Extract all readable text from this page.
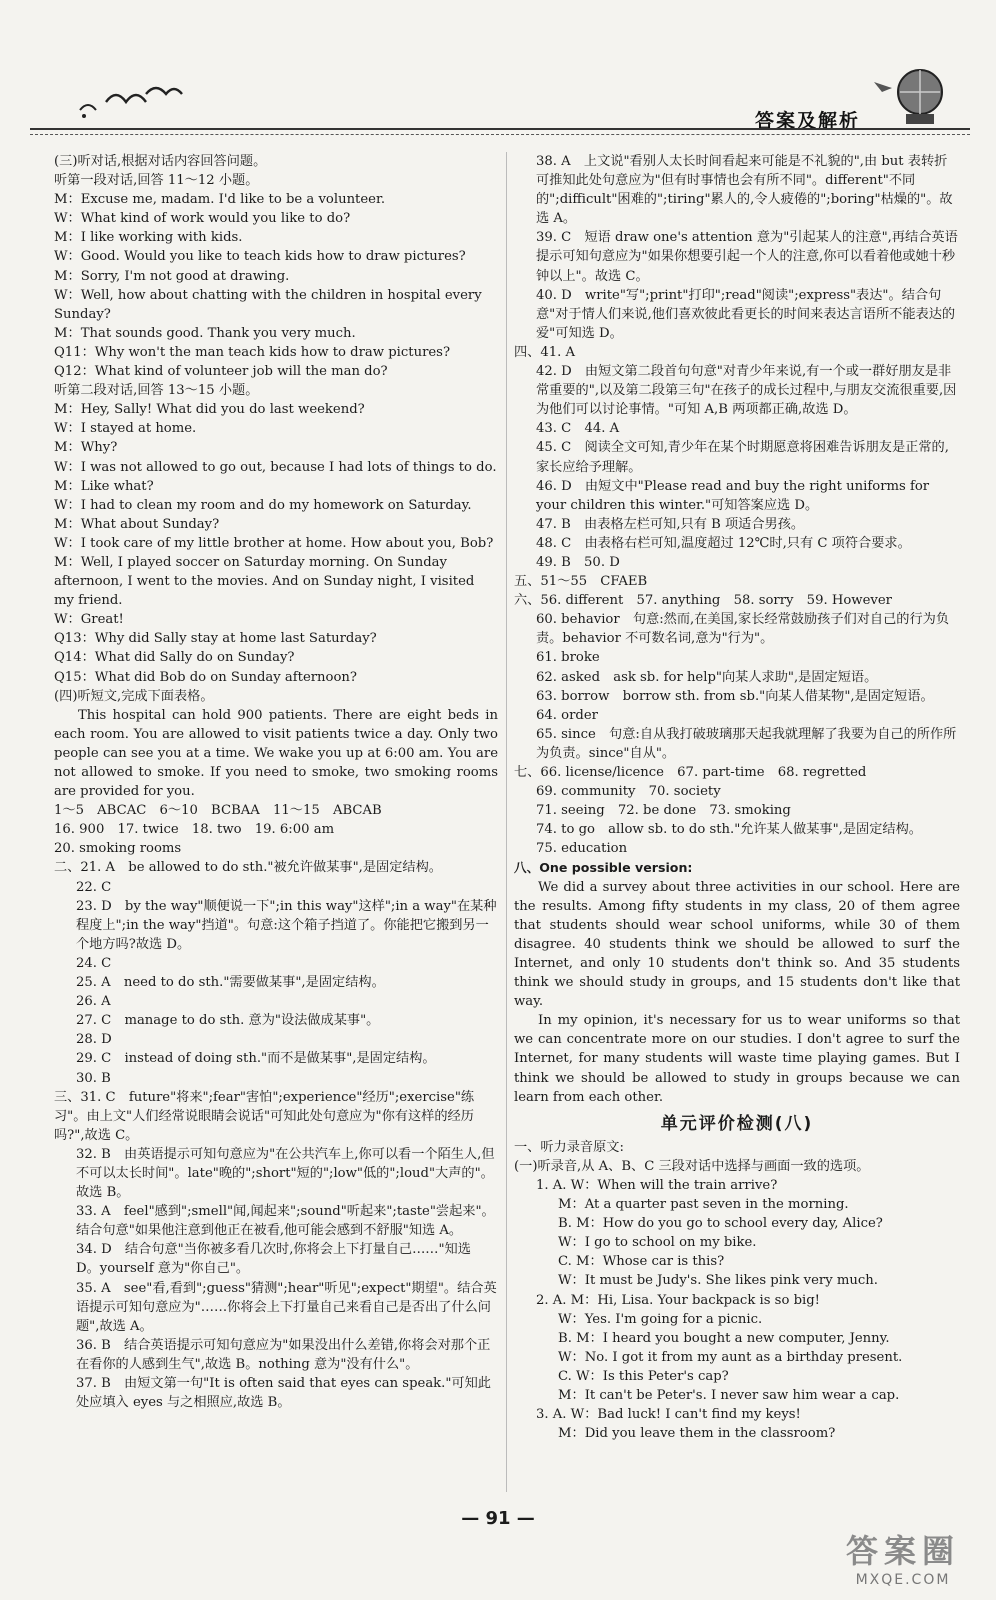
答案及解析

(三)听对话,根据对话内容回答问题。

听第一段对话,回答 11～12 小题。

M：Excuse me, madam. I'd like to be a volunteer.

W：What kind of work would you like to do?

M：I like working with kids.

W：Good. Would you like to teach kids how to draw pictures?

M：Sorry, I'm not good at drawing.

W：Well, how about chatting with the children in hospital every Sunday?

M：That sounds good. Thank you very much.

Q11：Why won't the man teach kids how to draw pictures?

Q12：What kind of volunteer job will the man do?

听第二段对话,回答 13～15 小题。

M：Hey, Sally! What did you do last weekend?

W：I stayed at home.

M：Why?

W：I was not allowed to go out, because I had lots of things to do.

M：Like what?

W：I had to clean my room and do my homework on Saturday.

M：What about Sunday?

W：I took care of my little brother at home. How about you, Bob?

M：Well, I played soccer on Saturday morning. On Sunday afternoon, I went to the movies. And on Sunday night, I visited my friend.

W：Great!

Q13：Why did Sally stay at home last Saturday?

Q14：What did Sally do on Sunday?

Q15：What did Bob do on Sunday afternoon?

(四)听短文,完成下面表格。

This hospital can hold 900 patients. There are eight beds in each room. You are allowed to visit patients twice a day. Only two people can see you at a time. We wake you up at 6:00 am. You are not allowed to smoke. If you need to smoke, two smoking rooms are provided for you.

1～5　ABCAC　6～10　BCBAA　11～15　ABCAB

16. 900　17. twice　18. two　19. 6:00 am

20. smoking rooms

二、21. A　be allowed to do sth."被允许做某事",是固定结构。

22. C

23. D　by the way"顺便说一下";in this way"这样";in a way"在某种程度上";in the way"挡道"。句意:这个箱子挡道了。你能把它搬到另一个地方吗?故选 D。

24. C

25. A　need to do sth."需要做某事",是固定结构。

26. A

27. C　manage to do sth. 意为"设法做成某事"。

28. D

29. C　instead of doing sth."而不是做某事",是固定结构。

30. B

三、31. C　future"将来";fear"害怕";experience"经历";exercise"练习"。由上文"人们经常说眼睛会说话"可知此处句意应为"你有这样的经历吗?",故选 C。

32. B　由英语提示可知句意应为"在公共汽车上,你可以看一个陌生人,但不可以太长时间"。late"晚的";short"短的";low"低的";loud"大声的"。故选 B。

33. A　feel"感到";smell"闻,闻起来";sound"听起来";taste"尝起来"。结合句意"如果他注意到他正在被看,他可能会感到不舒服"知选 A。

34. D　结合句意"当你被多看几次时,你将会上下打量自己……"知选 D。yourself 意为"你自己"。

35. A　see"看,看到";guess"猜测";hear"听见";expect"期望"。结合英语提示可知句意应为"……你将会上下打量自己来看自己是否出了什么问题",故选 A。

36. B　结合英语提示可知句意应为"如果没出什么差错,你将会对那个正在看你的人感到生气",故选 B。nothing 意为"没有什么"。

37. B　由短文第一句"It is often said that eyes can speak."可知此处应填入 eyes 与之相照应,故选 B。

38. A　上文说"看别人太长时间看起来可能是不礼貌的",由 but 表转折可推知此处句意应为"但有时事情也会有所不同"。different"不同的";difficult"困难的";tiring"累人的,令人疲倦的";boring"枯燥的"。故选 A。

39. C　短语 draw one's attention 意为"引起某人的注意",再结合英语提示可知句意应为"如果你想要引起一个人的注意,你可以看着他或她十秒钟以上"。故选 C。

40. D　write"写";print"打印";read"阅读";express"表达"。结合句意"对于情人们来说,他们喜欢彼此看更长的时间来表达言语所不能表达的爱"可知选 D。

四、41. A

42. D　由短文第二段首句句意"对青少年来说,有一个或一群好朋友是非常重要的",以及第二段第三句"在孩子的成长过程中,与朋友交流很重要,因为他们可以讨论事情。"可知 A,B 两项都正确,故选 D。

43. C　44. A

45. C　阅读全文可知,青少年在某个时期愿意将困难告诉朋友是正常的,家长应给予理解。

46. D　由短文中"Please read and buy the right uniforms for your children this winter."可知答案应选 D。

47. B　由表格左栏可知,只有 B 项适合男孩。

48. C　由表格右栏可知,温度超过 12℃时,只有 C 项符合要求。

49. B　50. D

五、51～55　CFAEB

六、56. different　57. anything　58. sorry　59. However

60. behavior　句意:然而,在美国,家长经常鼓励孩子们对自己的行为负责。behavior 不可数名词,意为"行为"。

61. broke

62. asked　ask sb. for help"向某人求助",是固定短语。

63. borrow　borrow sth. from sb."向某人借某物",是固定短语。

64. order

65. since　句意:自从我打破玻璃那天起我就理解了我要为自己的所作所为负责。since"自从"。

七、66. license/licence　67. part-time　68. regretted

69. community　70. society

71. seeing　72. be done　73. smoking

74. to go　allow sb. to do sth."允许某人做某事",是固定结构。

75. education

八、One possible version:

We did a survey about three activities in our school. Here are the results. Among fifty students in my class, 20 of them agree that students should wear school uniforms, while 30 of them disagree. 40 students think we should be allowed to surf the Internet, and only 10 students don't think so. And 35 students think we should study in groups, and 15 students don't like that way.

In my opinion, it's necessary for us to wear uniforms so that we can concentrate more on our studies. I don't agree to surf the Internet, for many students will waste time playing games. But I think we should be allowed to study in groups because we can learn from each other.

单元评价检测(八)

一、听力录音原文:

(一)听录音,从 A、B、C 三段对话中选择与画面一致的选项。

1. A. W：When will the train arrive?

M：At a quarter past seven in the morning.

B. M：How do you go to school every day, Alice?

W：I go to school on my bike.

C. M：Whose car is this?

W：It must be Judy's. She likes pink very much.

2. A. M：Hi, Lisa. Your backpack is so big!

W：Yes. I'm going for a picnic.

B. M：I heard you bought a new computer, Jenny.

W：No. I got it from my aunt as a birthday present.

C. W：Is this Peter's cap?

M：It can't be Peter's. I never saw him wear a cap.

3. A. W：Bad luck! I can't find my keys!

M：Did you leave them in the classroom?

— 91 —
答案圈
MXQE.COM
